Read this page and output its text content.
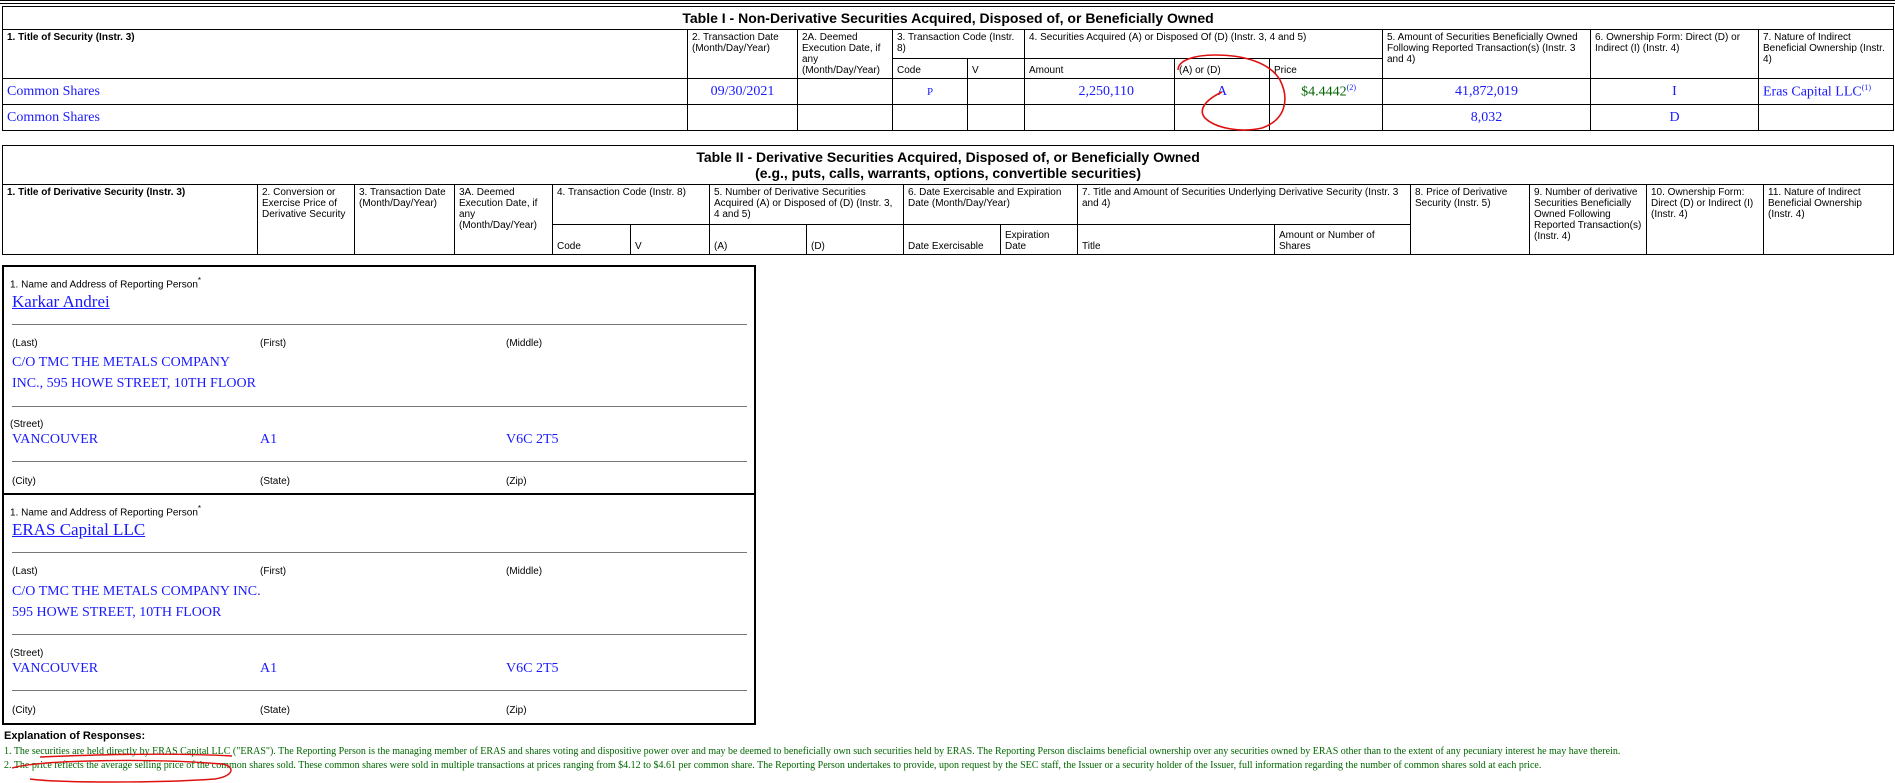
Table I - Non-Derivative Securities Acquired, Disposed of, or Beneficially Owned										
1. Title of Security (Instr. 3)	2. Transaction Date (Month/Day/Year)	2A. Deemed Execution Date, if any (Month/Day/Year)	3. Transaction Code (Instr. 8)		4. Securities Acquired (A) or Disposed Of (D) (Instr. 3, 4 and 5)			5. Amount of Securities Beneficially Owned Following Reported Transaction(s) (Instr. 3 and 4)	6. Ownership Form: Direct (D) or Indirect (I) (Instr. 4)	7. Nature of Indirect Beneficial Ownership (Instr. 4)
			Code	V	Amount	(A) or (D)	Price			
Common Shares	09/30/2021		P		2,250,110	A	$4.4442$^{(2)}$	41,872,019	I	Eras Capital LLC$^{(1)}$
Common Shares								8,032	D	
Table II - Derivative Securities Acquired, Disposed of, or Beneficially Owned
(e.g., puts, calls, warrants, options, convertible securities)															

1. Title of Derivative Security (Instr. 3)	2. Conversion or Exercise Price of Derivative Security	3. Transaction Date (Month/Day/Year)	3A. Deemed Execution Date, if any (Month/Day/Year)	4. Transaction Code (Instr. 8)		5. Number of Derivative Securities Acquired (A) or Disposed of (D) (Instr. 3, 4 and 5)		6. Date Exercisable and Expiration Date (Month/Day/Year)		7. Title and Amount of Securities Underlying Derivative Security (Instr. 3 and 4)		8. Price of Derivative Security (Instr. 5)	9. Number of derivative Securities Beneficially Owned Following Reported Transaction(s) (Instr. 4)	10. Ownership Form: Direct (D) or Indirect (I) (Instr. 4)	11. Nature of Indirect Beneficial Ownership (Instr. 4)
				Code	V	(A)	(D)	Date Exercisable	Expiration Date	Title	Amount or Number of Shares				
1. Name and Address of Reporting Person*
Karkar Andrei
(Last)	(First)	(Middle)
C/O TMC THE METALS COMPANY
INC., 595 HOWE STREET, 10TH FLOOR
(Street)
VANCOUVER	A1	V6C 2T5
(City)	(State)	(Zip)
1. Name and Address of Reporting Person*
ERAS Capital LLC
(Last)	(First)	(Middle)
C/O TMC THE METALS COMPANY INC.
595 HOWE STREET, 10TH FLOOR
(Street)
VANCOUVER	A1	V6C 2T5
(City)	(State)	(Zip)
Explanation of Responses:
1. The securities are held directly by ERAS Capital LLC ("ERAS"). The Reporting Person is the managing member of ERAS and shares voting and dispositive power over and may be deemed to beneficially own such securities held by ERAS. The Reporting Person disclaims beneficial ownership over any securities owned by ERAS other than to the extent of any pecuniary interest he may have therein.
2. The price reflects the average selling price of the common shares sold. These common shares were sold in multiple transactions at prices ranging from $4.12 to $4.61 per common share. The Reporting Person undertakes to provide, upon request by the SEC staff, the Issuer or a security holder of the Issuer, full information regarding the number of common shares sold at each price.
